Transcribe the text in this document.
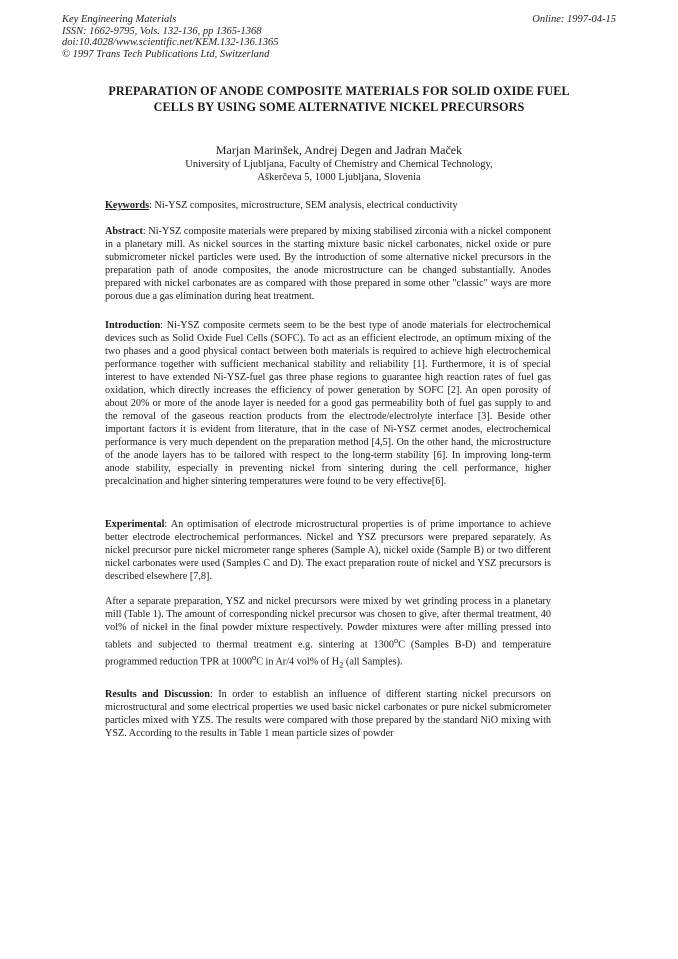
Key Engineering Materials
ISSN: 1662-9795, Vols. 132-136, pp 1365-1368
doi:10.4028/www.scientific.net/KEM.132-136.1365
© 1997 Trans Tech Publications Ltd, Switzerland
Online: 1997-04-15
PREPARATION OF ANODE COMPOSITE MATERIALS FOR SOLID OXIDE FUEL CELLS BY USING SOME ALTERNATIVE NICKEL PRECURSORS
Marjan Marinšek, Andrej Degen and Jadran Maček
University of Ljubljana, Faculty of Chemistry and Chemical Technology,
Aškerčeva 5, 1000 Ljubljana, Slovenia
Keywords: Ni-YSZ composites, microstructure, SEM analysis, electrical conductivity
Abstract: Ni-YSZ composite materials were prepared by mixing stabilised zirconia with a nickel component in a planetary mill. As nickel sources in the starting mixture basic nickel carbonates, nickel oxide or pure submicrometer nickel particles were used. By the introduction of some alternative nickel precursors in the preparation path of anode composites, the anode microstructure can be changed substantially. Anodes prepared with nickel carbonates are as compared with those prepared in some other "classic" ways are more porous due a gas elimination during heat treatment.
Introduction: Ni-YSZ composite cermets seem to be the best type of anode materials for electrochemical devices such as Solid Oxide Fuel Cells (SOFC). To act as an efficient electrode, an optimum mixing of the two phases and a good physical contact between both materials is required to achieve high electrochemical performance together with sufficient mechanical stability and reliability [1]. Furthermore, it is of special interest to have extended Ni-YSZ-fuel gas three phase regions to guarantee high reaction rates of fuel gas oxidation, which directly increases the efficiency of power generation by SOFC [2]. An open porosity of about 20% or more of the anode layer is needed for a good gas permeability both of fuel gas supply to and the removal of the gaseous reaction products from the electrode/electrolyte interface [3]. Beside other important factors it is evident from literature, that in the case of Ni-YSZ cermet anodes, electrochemical performance is very much dependent on the preparation method [4,5]. On the other hand, the microstructure of the anode layers has to be tailored with respect to the long-term stability [6]. In improving long-term anode stability, especially in preventing nickel from sintering during the cell performance, higher precalcination and higher sintering temperatures were found to be very effective[6].
Experimental: An optimisation of electrode microstructural properties is of prime importance to achieve better electrode electrochemical performances. Nickel and YSZ precursors were prepared separately. As nickel precursor pure nickel micrometer range spheres (Sample A), nickel oxide (Sample B) or two different nickel carbonates were used (Samples C and D). The exact preparation route of nickel and YSZ precursors is described elsewhere [7,8].
After a separate preparation, YSZ and nickel precursors were mixed by wet grinding process in a planetary mill (Table 1). The amount of corresponding nickel precursor was chosen to give, after thermal treatment, 40 vol% of nickel in the final powder mixture respectively. Powder mixtures were after milling pressed into tablets and subjected to thermal treatment e.g. sintering at 1300$^o$C (Samples B-D) and temperature programmed reduction TPR at 1000$^o$C in Ar/4 vol% of $H_2$ (all Samples).
Results and Discussion: In order to establish an influence of different starting nickel precursors on microstructural and some electrical properties we used basic nickel carbonates or pure nickel submicrometer particles mixed with YZS. The results were compared with those prepared by the standard NiO mixing with YSZ. According to the results in Table 1 mean particle sizes of powder
